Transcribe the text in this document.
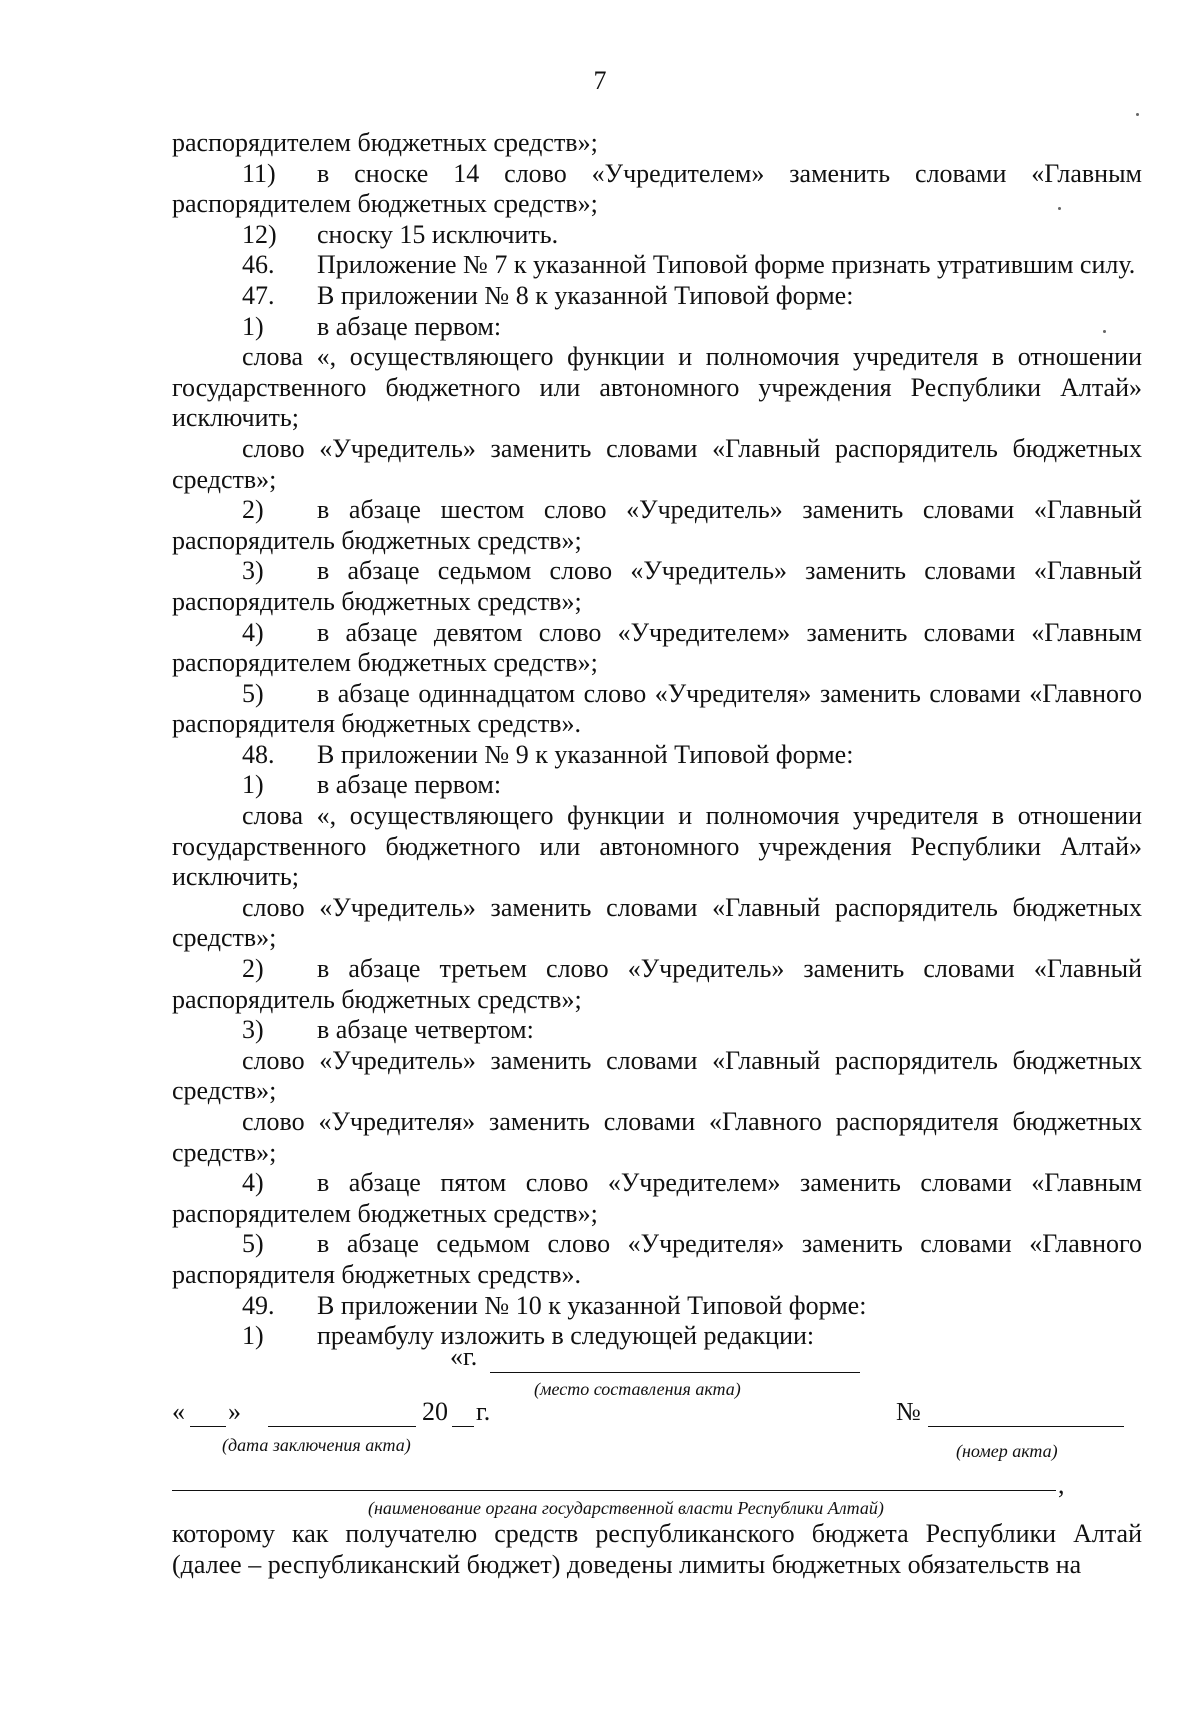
7
распорядителем бюджетных средств»;
11) в сноске 14 слово «Учредителем» заменить словами «Главным распорядителем бюджетных средств»;
12) сноску 15 исключить.
46. Приложение № 7 к указанной Типовой форме признать утратившим силу.
47. В приложении № 8 к указанной Типовой форме:
1) в абзаце первом:
слова «, осуществляющего функции и полномочия учредителя в отношении государственного бюджетного или автономного учреждения Республики Алтай» исключить;
слово «Учредитель» заменить словами «Главный распорядитель бюджетных средств»;
2) в абзаце шестом слово «Учредитель» заменить словами «Главный распорядитель бюджетных средств»;
3) в абзаце седьмом слово «Учредитель» заменить словами «Главный распорядитель бюджетных средств»;
4) в абзаце девятом слово «Учредителем» заменить словами «Главным распорядителем бюджетных средств»;
5) в абзаце одиннадцатом слово «Учредителя» заменить словами «Главного распорядителя бюджетных средств».
48. В приложении № 9 к указанной Типовой форме:
1) в абзаце первом:
слова «, осуществляющего функции и полномочия учредителя в отношении государственного бюджетного или автономного учреждения Республики Алтай» исключить;
слово «Учредитель» заменить словами «Главный распорядитель бюджетных средств»;
2) в абзаце третьем слово «Учредитель» заменить словами «Главный распорядитель бюджетных средств»;
3) в абзаце четвертом:
слово «Учредитель» заменить словами «Главный распорядитель бюджетных средств»;
слово «Учредителя» заменить словами «Главного распорядителя бюджетных средств»;
4) в абзаце пятом слово «Учредителем» заменить словами «Главным распорядителем бюджетных средств»;
5) в абзаце седьмом слово «Учредителя» заменить словами «Главного распорядителя бюджетных средств».
49. В приложении № 10 к указанной Типовой форме:
1) преамбулу изложить в следующей редакции:
«г.
(место составления акта)
« »	20 г.
(дата заключения акта)
№
(номер акта)
,
(наименование органа государственной власти Республики Алтай)
которому как получателю средств республиканского бюджета Республики Алтай (далее – республиканский бюджет) доведены лимиты бюджетных обязательств на
